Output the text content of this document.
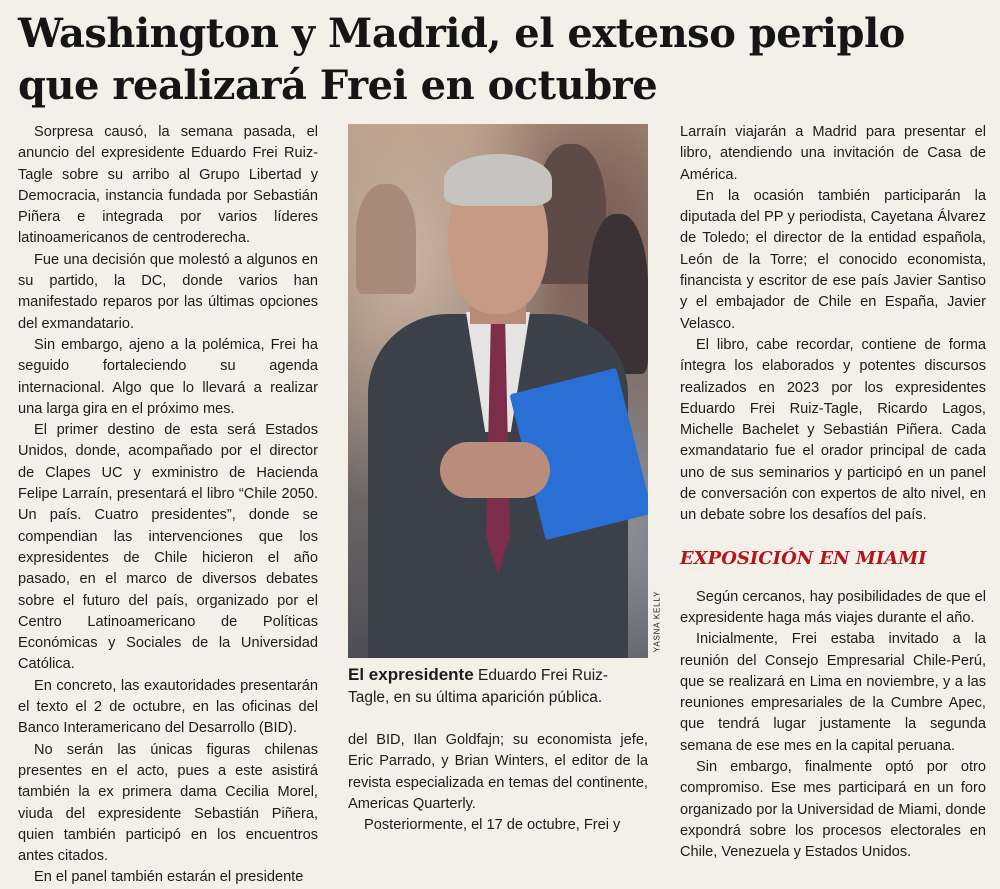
Washington y Madrid, el extenso periplo que realizará Frei en octubre

Sorpresa causó, la semana pasada, el anuncio del expresidente Eduardo Frei Ruiz-Tagle sobre su arribo al Grupo Libertad y Democracia, instancia fundada por Sebastián Piñera e integrada por varios líderes latinoamericanos de centroderecha.

Fue una decisión que molestó a algunos en su partido, la DC, donde varios han manifestado reparos por las últimas opciones del exmandatario.

Sin embargo, ajeno a la polémica, Frei ha seguido fortaleciendo su agenda internacional. Algo que lo llevará a realizar una larga gira en el próximo mes.

El primer destino de esta será Estados Unidos, donde, acompañado por el director de Clapes UC y exministro de Hacienda Felipe Larraín, presentará el libro “Chile 2050. Un país. Cuatro presidentes”, donde se compendian las intervenciones que los expresidentes de Chile hicieron el año pasado, en el marco de diversos debates sobre el futuro del país, organizado por el Centro Latinoamericano de Políticas Económicas y Sociales de la Universidad Católica.

En concreto, las exautoridades presentarán el texto el 2 de octubre, en las oficinas del Banco Interamericano del Desarrollo (BID).

No serán las únicas figuras chilenas presentes en el acto, pues a este asistirá también la ex primera dama Cecilia Morel, viuda del expresidente Sebastián Piñera, quien también participó en los encuentros antes citados.

En el panel también estarán el presidente

YASNA KELLY
El expresidente Eduardo Frei Ruiz-Tagle, en su última aparición pública.

del BID, Ilan Goldfajn; su economista jefe, Eric Parrado, y Brian Winters, el editor de la revista especializada en temas del continente, Americas Quarterly.

Posteriormente, el 17 de octubre, Frei y

Larraín viajarán a Madrid para presentar el libro, atendiendo una invitación de Casa de América.

En la ocasión también participarán la diputada del PP y periodista, Cayetana Álvarez de Toledo; el director de la entidad española, León de la Torre; el conocido economista, financista y escritor de ese país Javier Santiso y el embajador de Chile en España, Javier Velasco.

El libro, cabe recordar, contiene de forma íntegra los elaborados y potentes discursos realizados en 2023 por los expresidentes Eduardo Frei Ruiz-Tagle, Ricardo Lagos, Michelle Bachelet y Sebastián Piñera. Cada exmandatario fue el orador principal de cada uno de sus seminarios y participó en un panel de conversación con expertos de alto nivel, en un debate sobre los desafíos del país.

EXPOSICIÓN EN MIAMI

Según cercanos, hay posibilidades de que el expresidente haga más viajes durante el año.

Inicialmente, Frei estaba invitado a la reunión del Consejo Empresarial Chile-Perú, que se realizará en Lima en noviembre, y a las reuniones empresariales de la Cumbre Apec, que tendrá lugar justamente la segunda semana de ese mes en la capital peruana.

Sin embargo, finalmente optó por otro compromiso. Ese mes participará en un foro organizado por la Universidad de Miami, donde expondrá sobre los procesos electorales en Chile, Venezuela y Estados Unidos.
